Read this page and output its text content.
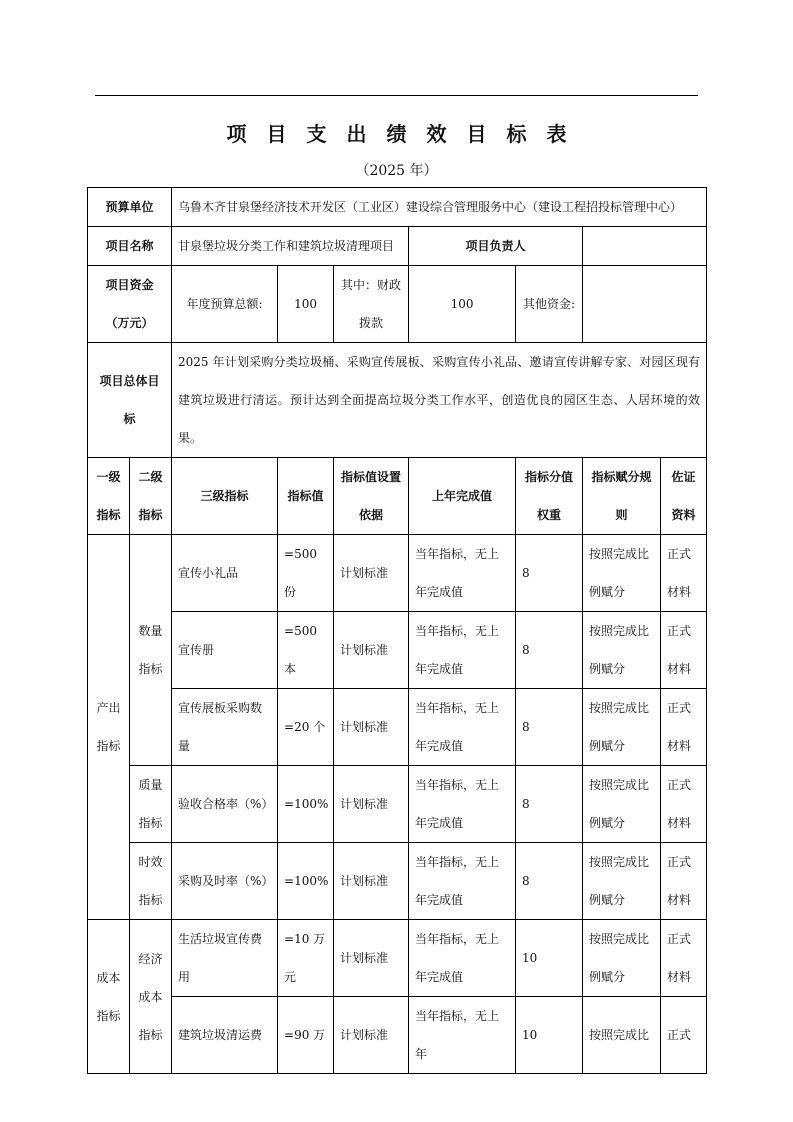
项目支出绩效目标表
（2025 年）
预算单位		乌鲁木齐甘泉堡经济技术开发区（工业区）建设综合管理服务中心（建设工程招投标管理中心）						
项目名称		甘泉堡垃圾分类工作和建筑垃圾清理项目			项目负责人			
项目资金（万元）		年度预算总额:	100	其中：财政拨款	100	其他资金:		
项目总体目标		2025 年计划采购分类垃圾桶、采购宣传展板、采购宣传小礼品、邀请宣传讲解专家、对园区现有建筑垃圾进行清运。预计达到全面提高垃圾分类工作水平，创造优良的园区生态、人居环境的效果。						
一级指标	二级指标	三级指标	指标值	指标值设置依据	上年完成值	指标分值权重	指标赋分规则	佐证资料
产出指标	数量指标	宣传小礼品	=500 份	计划标准	当年指标，无上年完成值	8	按照完成比例赋分	正式材料
		宣传册	=500 本	计划标准	当年指标，无上年完成值	8	按照完成比例赋分	正式材料
		宣传展板采购数量	=20 个	计划标准	当年指标，无上年完成值	8	按照完成比例赋分	正式材料
	质量指标	验收合格率（%）	=100%	计划标准	当年指标，无上年完成值	8	按照完成比例赋分	正式材料
	时效指标	采购及时率（%）	=100%	计划标准	当年指标，无上年完成值	8	按照完成比例赋分	正式材料
成本指标	经济成本指标	生活垃圾宣传费用	=10 万元	计划标准	当年指标，无上年完成值	10	按照完成比例赋分	正式材料
		建筑垃圾清运费	=90 万	计划标准	当年指标，无上年	10	按照完成比	正式
